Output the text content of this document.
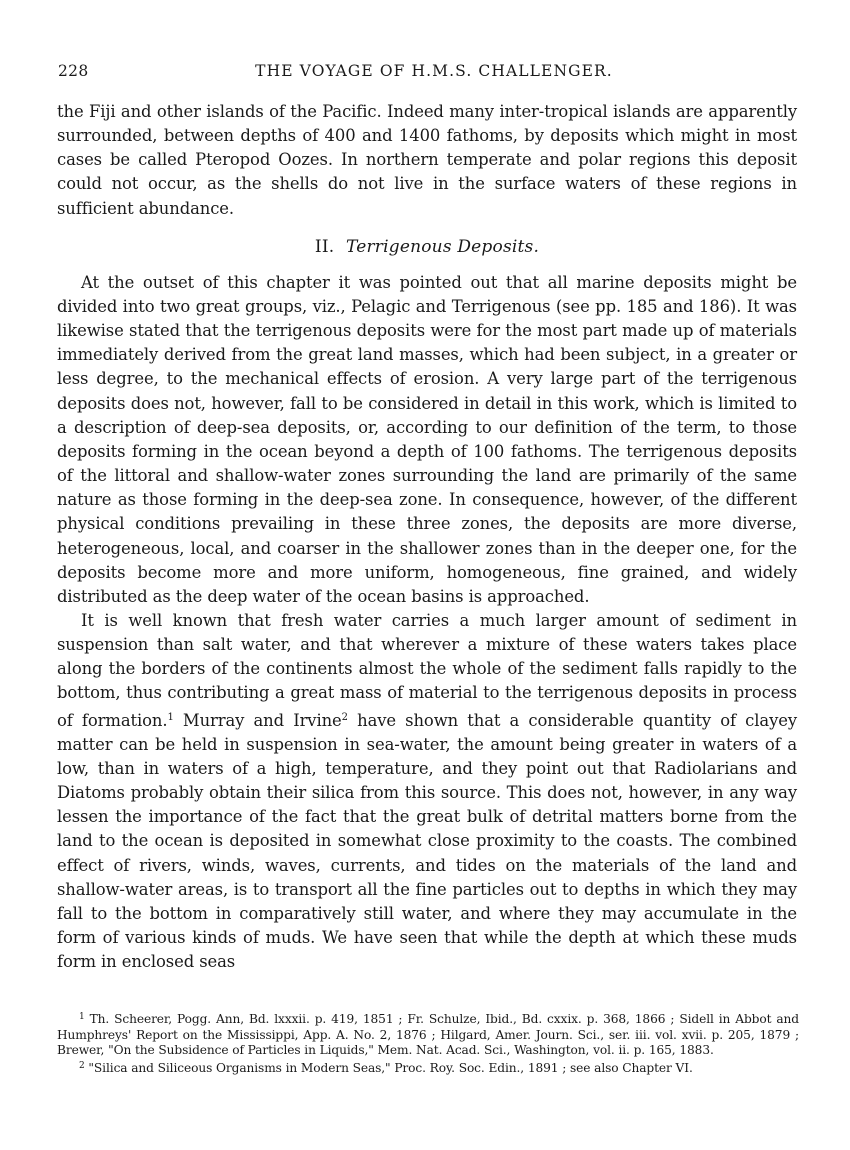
228	THE VOYAGE OF H.M.S. CHALLENGER.

the Fiji and other islands of the Pacific. Indeed many inter-tropical islands are apparently surrounded, between depths of 400 and 1400 fathoms, by deposits which might in most cases be called Pteropod Oozes. In northern temperate and polar regions this deposit could not occur, as the shells do not live in the surface waters of these regions in sufficient abundance.

II. Terrigenous Deposits.

At the outset of this chapter it was pointed out that all marine deposits might be divided into two great groups, viz., Pelagic and Terrigenous (see pp. 185 and 186). It was likewise stated that the terrigenous deposits were for the most part made up of materials immediately derived from the great land masses, which had been subject, in a greater or less degree, to the mechanical effects of erosion. A very large part of the terrigenous deposits does not, however, fall to be considered in detail in this work, which is limited to a description of deep-sea deposits, or, according to our definition of the term, to those deposits forming in the ocean beyond a depth of 100 fathoms. The terrigenous deposits of the littoral and shallow-water zones surrounding the land are primarily of the same nature as those forming in the deep-sea zone. In consequence, however, of the different physical conditions prevailing in these three zones, the deposits are more diverse, heterogeneous, local, and coarser in the shallower zones than in the deeper one, for the deposits become more and more uniform, homogeneous, fine grained, and widely distributed as the deep water of the ocean basins is approached.

It is well known that fresh water carries a much larger amount of sediment in suspension than salt water, and that wherever a mixture of these waters takes place along the borders of the continents almost the whole of the sediment falls rapidly to the bottom, thus contributing a great mass of material to the terrigenous deposits in process of formation.$^1$ Murray and Irvine$^2$ have shown that a considerable quantity of clayey matter can be held in suspension in sea-water, the amount being greater in waters of a low, than in waters of a high, temperature, and they point out that Radiolarians and Diatoms probably obtain their silica from this source. This does not, however, in any way lessen the importance of the fact that the great bulk of detrital matters borne from the land to the ocean is deposited in somewhat close proximity to the coasts. The combined effect of rivers, winds, waves, currents, and tides on the materials of the land and shallow-water areas, is to transport all the fine particles out to depths in which they may fall to the bottom in comparatively still water, and where they may accumulate in the form of various kinds of muds. We have seen that while the depth at which these muds form in enclosed seas

$^1$ Th. Scheerer, Pogg. Ann, Bd. lxxxii. p. 419, 1851 ; Fr. Schulze, Ibid., Bd. cxxix. p. 368, 1866 ; Sidell in Abbot and Humphreys' Report on the Mississippi, App. A. No. 2, 1876 ; Hilgard, Amer. Journ. Sci., ser. iii. vol. xvii. p. 205, 1879 ; Brewer, "On the Subsidence of Particles in Liquids," Mem. Nat. Acad. Sci., Washington, vol. ii. p. 165, 1883.

$^2$ "Silica and Siliceous Organisms in Modern Seas," Proc. Roy. Soc. Edin., 1891 ; see also Chapter VI.
